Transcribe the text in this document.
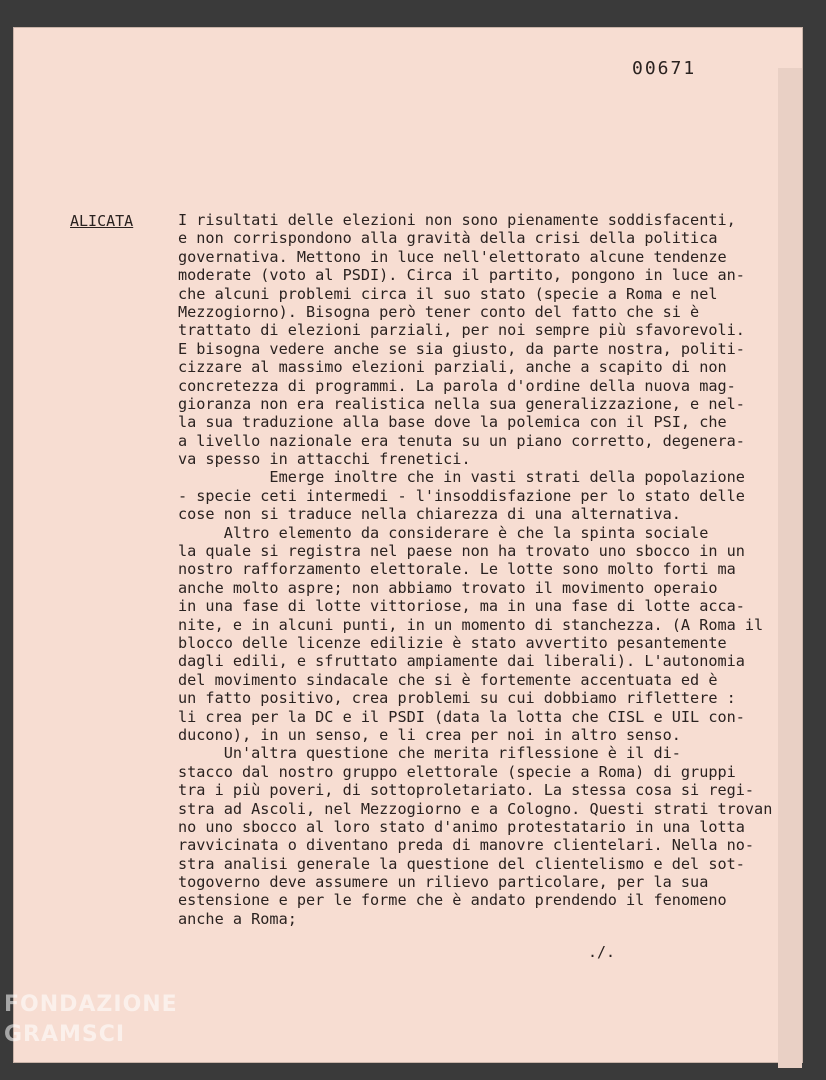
00671
ALICATA	I risultati delle elezioni non sono pienamente soddisfacenti,
e non corrispondono alla gravità della crisi della politica
governativa. Mettono in luce nell'elettorato alcune tendenze
moderate (voto al PSDI). Circa il partito, pongono in luce an-
che alcuni problemi circa il suo stato (specie a Roma e nel
Mezzogiorno). Bisogna però tener conto del fatto che si è
trattato di elezioni parziali, per noi sempre più sfavorevoli.
E bisogna vedere anche se sia giusto, da parte nostra, politi-
cizzare al massimo elezioni parziali, anche a scapito di non
concretezza di programmi. La parola d'ordine della nuova mag-
gioranza non era realistica nella sua generalizzazione, e nel-
la sua traduzione alla base dove la polemica con il PSI, che
a livello nazionale era tenuta su un piano corretto, degenera-
va spesso in attacchi frenetici.
Emerge inoltre che in vasti strati della popolazione
- specie ceti intermedi - l'insoddisfazione per lo stato delle
cose non si traduce nella chiarezza di una alternativa.
Altro elemento da considerare è che la spinta sociale
la quale si registra nel paese non ha trovato uno sbocco in un
nostro rafforzamento elettorale. Le lotte sono molto forti ma
anche molto aspre; non abbiamo trovato il movimento operaio
in una fase di lotte vittoriose, ma in una fase di lotte acca-
nite, e in alcuni punti, in un momento di stanchezza. (A Roma il
blocco delle licenze edilizie è stato avvertito pesantemente
dagli edili, e sfruttato ampiamente dai liberali). L'autonomia
del movimento sindacale che si è fortemente accentuata ed è
un fatto positivo, crea problemi su cui dobbiamo riflettere :
li crea per la DC e il PSDI (data la lotta che CISL e UIL con-
ducono), in un senso, e li crea per noi in altro senso.
Un'altra questione che merita riflessione è il di-
stacco dal nostro gruppo elettorale (specie a Roma) di gruppi
tra i più poveri, di sottoproletariato. La stessa cosa si regi-
stra ad Ascoli, nel Mezzogiorno e a Cologno. Questi strati trovan
no uno sbocco al loro stato d'animo protestatario in una lotta
ravvicinata o diventano preda di manovre clientelari. Nella no-
stra analisi generale la questione del clientelismo e del sot-
togoverno deve assumere un rilievo particolare, per la sua
estensione e per le forme che è andato prendendo il fenomeno
anche a Roma;
./.
FONDAZIONE
GRAMSCI
